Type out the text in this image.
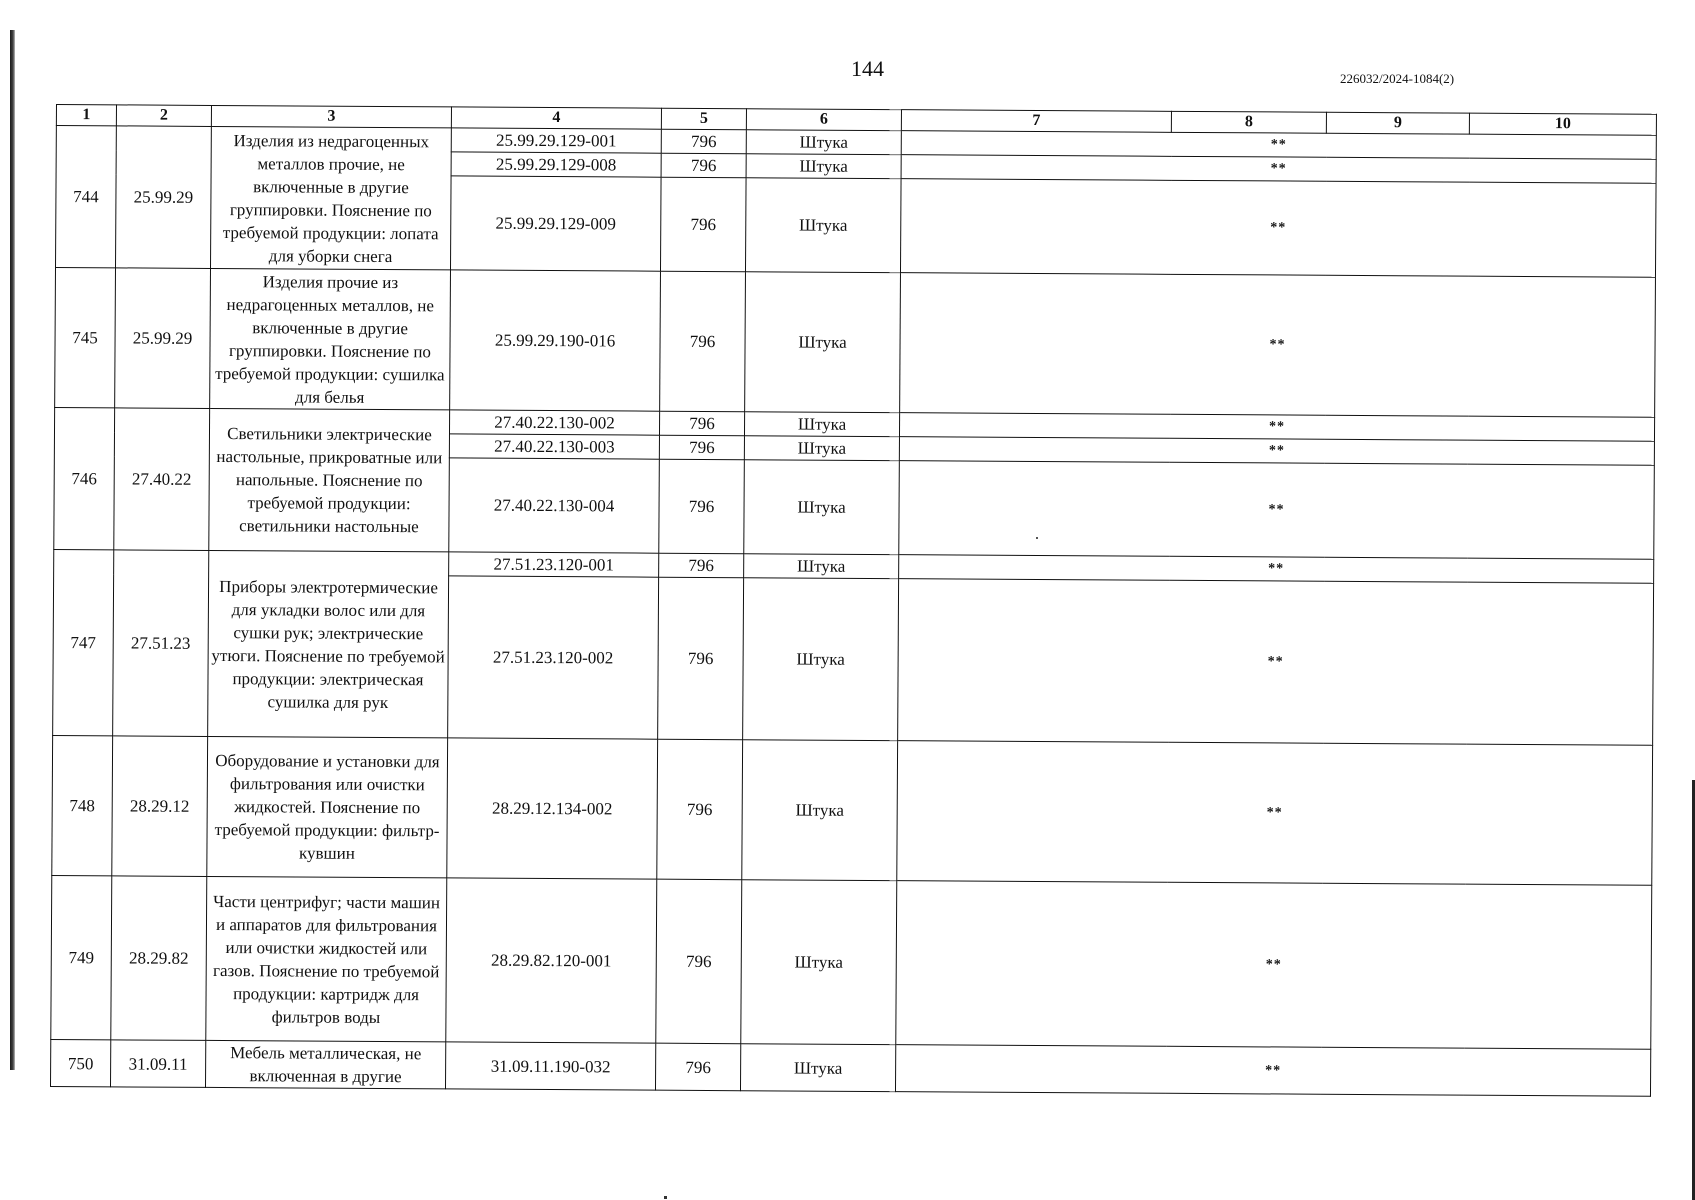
144	226032/2024-1084(2)
1	2	3	4	5	6	7	8	9	10
744	25.99.29	Изделия из недрагоценных металлов прочие, не включенные в другие группировки. Пояснение по требуемой продукции: лопата для уборки снега	25.99.29.129-001	796	Штука	**			
			25.99.29.129-008	796	Штука	**			
			25.99.29.129-009	796	Штука	**			
745	25.99.29	Изделия прочие из недрагоценных металлов, не включенные в другие группировки. Пояснение по требуемой продукции: сушилка для белья	25.99.29.190-016	796	Штука	**			
746	27.40.22	Светильники электрические настольные, прикроватные или напольные. Пояснение по требуемой продукции: светильники настольные	27.40.22.130-002	796	Штука	**			
			27.40.22.130-003	796	Штука	**			
			27.40.22.130-004	796	Штука	**			
747	27.51.23	Приборы электротермические для укладки волос или для сушки рук; электрические утюги. Пояснение по требуемой продукции: электрическая сушилка для рук	27.51.23.120-001	796	Штука	**			
			27.51.23.120-002	796	Штука	**			
748	28.29.12	Оборудование и установки для фильтрования или очистки жидкостей. Пояснение по требуемой продукции: фильтр-кувшин	28.29.12.134-002	796	Штука	**			
749	28.29.82	Части центрифуг; части машин и аппаратов для фильтрования или очистки жидкостей или газов. Пояснение по требуемой продукции: картридж для фильтров воды	28.29.82.120-001	796	Штука	**			
750	31.09.11	Мебель металлическая, не включенная в другие	31.09.11.190-032	796	Штука	**			
